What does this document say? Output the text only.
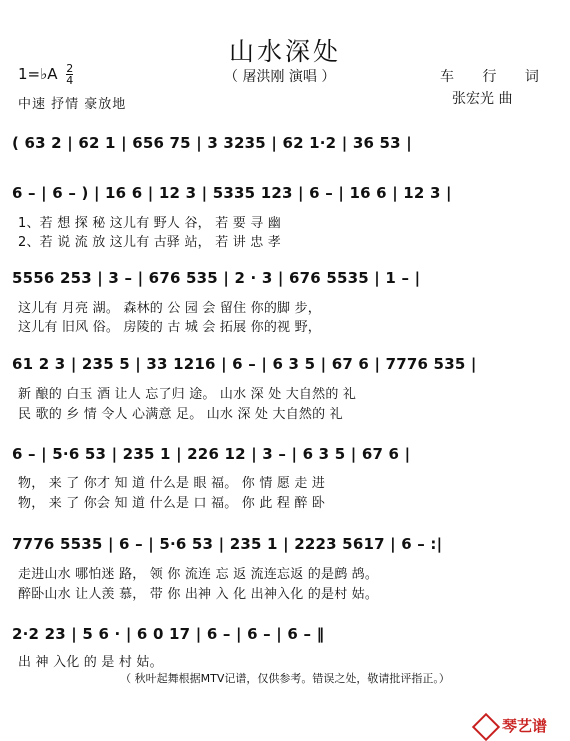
山水深处
1=♭A $\frac{2}{4}$	（ 屠洪刚 演唱 ）	车 行 词
张宏光 曲
中速 抒情 豪放地
( 63 2 | 62 1 | 656 75 | 3 3235 | 62 1·2 | 36 53 |
6 – | 6 – ) | 16 6 | 12 3 | 5335 123 | 6 – | 16 6 | 12 3 |
1、若 想 探 秘 这儿有 野人 谷， 若 要 寻 幽
2、若 说 流 放 这儿有 古驿 站， 若 讲 忠 孝
5556 253 | 3 – | 676 535 | 2 · 3 | 676 5535 | 1 – |
这儿有 月亮 湖。 森林的 公 园 会 留住 你的脚 步，
这儿有 旧风 俗。 房陵的 古 城 会 拓展 你的视 野，
61 2 3 | 235 5 | 33 1216 | 6 – | 6 3 5 | 67 6 | 7776 535 |
新 酿的 白玉 酒 让人 忘了归 途。 山水 深 处 大自然的 礼
民 歌的 乡 情 令人 心满意 足。 山水 深 处 大自然的 礼
6 – | 5·6 53 | 235 1 | 226 12 | 3 – | 6 3 5 | 67 6 |
物， 来 了 你才 知 道 什么是 眼 福。 你 情 愿 走 进
物， 来 了 你会 知 道 什么是 口 福。 你 此 程 醉 卧
7776 5535 | 6 – | 5·6 53 | 235 1 | 2223 5617 | 6 – :|
走进山水 哪怕迷 路， 领 你 流连 忘 返 流连忘返 的是鹧 鸪。
醉卧山水 让人羡 慕， 带 你 出神 入 化 出神入化 的是村 姑。
2·2 23 | 5 6 · | 6 0 17 | 6 – | 6 – | 6 – ‖
出 神 入化 的 是 村 姑。
（ 秋叶起舞根据MTV记谱，仅供参考。错误之处，敬请批评指正。）
琴艺谱
